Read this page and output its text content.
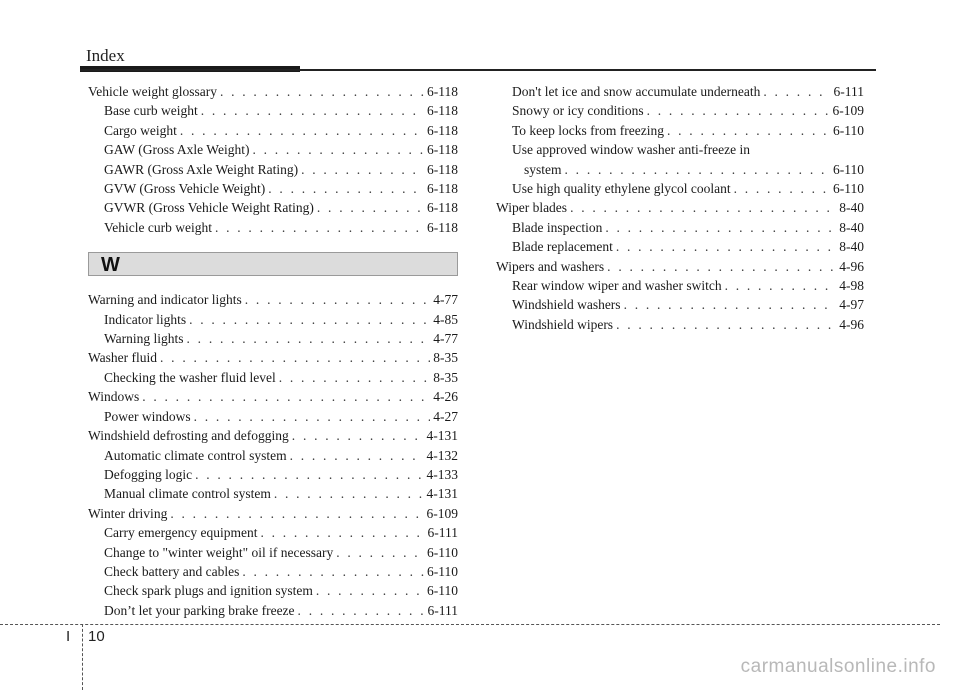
Index
Vehicle weight glossary . . .	6-118
Base curb weight . . .	6-118
Cargo weight . . .	6-118
GAW (Gross Axle Weight) . . .	6-118
GAWR (Gross Axle Weight Rating) . . .	6-118
GVW (Gross Vehicle Weight) . . .	6-118
GVWR (Gross Vehicle Weight Rating) . . .	6-118
Vehicle curb weight . . .	6-118
W
Warning and indicator lights . . .	4-77
Indicator lights . . .	4-85
Warning lights . . .	4-77
Washer fluid . . .	8-35
Checking the washer fluid level . . .	8-35
Windows . . .	4-26
Power windows . . .	4-27
Windshield defrosting and defogging . . .	4-131
Automatic climate control system . . .	4-132
Defogging logic . . .	4-133
Manual climate control system . . .	4-131
Winter driving . . .	6-109
Carry emergency equipment . . .	6-111
Change to "winter weight" oil if necessary . . .	6-110
Check battery and cables . . .	6-110
Check spark plugs and ignition system . . .	6-110
Don’t let your parking brake freeze . . .	6-111
Don't let ice and snow accumulate underneath . . .	6-111
Snowy or icy conditions . . .	6-109
To keep locks from freezing . . .	6-110
Use approved window washer anti-freeze in
system . . .	6-110
Use high quality ethylene glycol coolant . . .	6-110
Wiper blades . . .	8-40
Blade inspection . . .	8-40
Blade replacement . . .	8-40
Wipers and washers . . .	4-96
Rear window wiper and washer switch . . .	4-98
Windshield washers . . .	4-97
Windshield wipers . . .	4-96
I 10
carmanualsonline.info
